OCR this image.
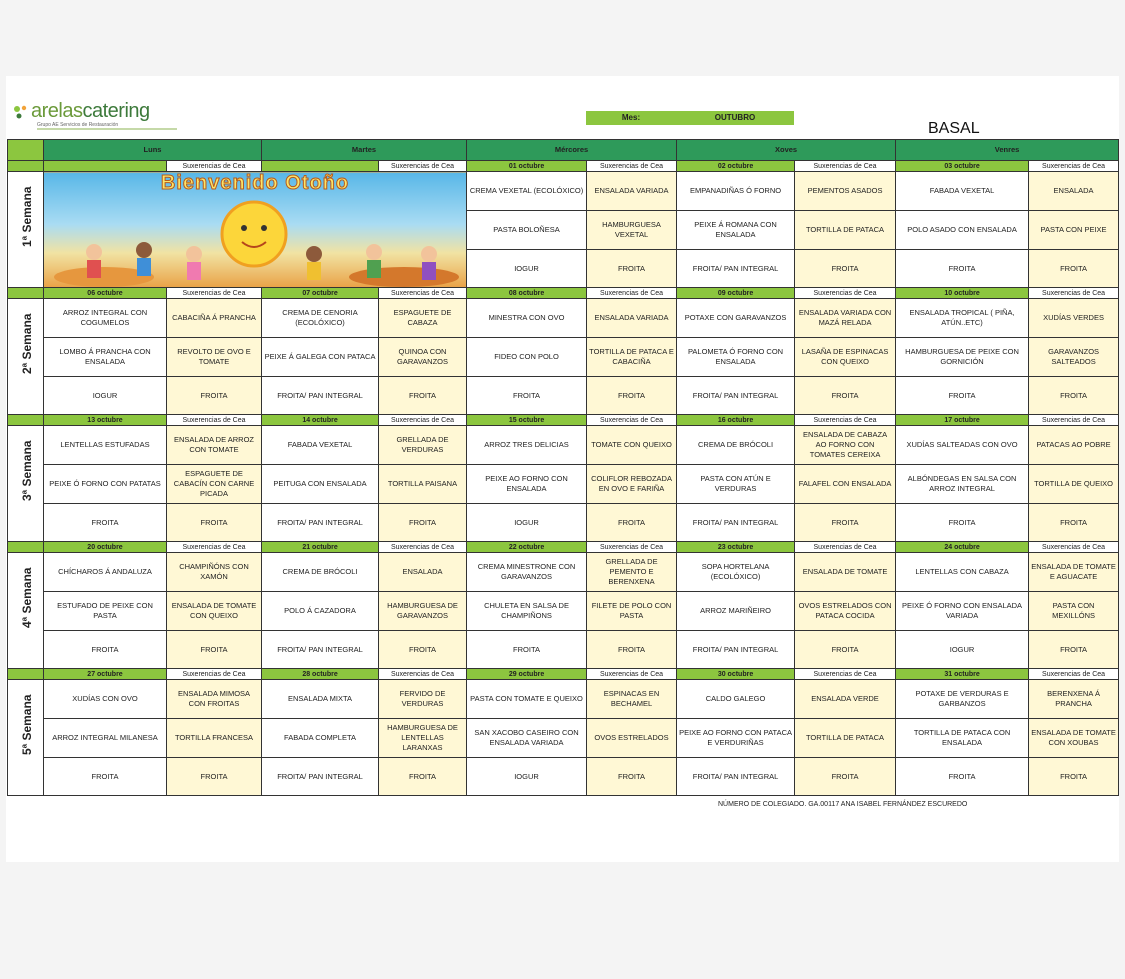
arelascatering
Grupo AE Servicios de Restauración
Mes:	OUTUBRO
BASAL
	Luns		Martes		Mércores		Xoves		Venres	
		Suxerencias de Cea		Suxerencias de Cea	01 octubre	Suxerencias de Cea	02 octubre	Suxerencias de Cea	03 octubre	Suxerencias de Cea

1ª Semana	Bienvenido Otoño				CREMA VEXETAL (ECOLÓXICO)	ENSALADA VARIADA	EMPANADIÑAS Ó FORNO	PEMENTOS ASADOS	FABADA VEXETAL	ENSALADA
					PASTA BOLOÑESA	HAMBURGUESA VEXETAL	PEIXE Á ROMANA CON ENSALADA	TORTILLA DE PATACA	POLO ASADO CON ENSALADA	PASTA CON PEIXE
					IOGUR	FROITA	FROITA/ PAN INTEGRAL	FROITA	FROITA	FROITA
	06 octubre	Suxerencias de Cea	07 octubre	Suxerencias de Cea	08 octubre	Suxerencias de Cea	09 octubre	Suxerencias de Cea	10 octubre	Suxerencias de Cea

2ª Semana	ARROZ INTEGRAL CON COGUMELOS	CABACIÑA Á PRANCHA	CREMA DE CENORIA (ECOLÓXICO)	ESPAGUETE DE CABAZA	MINESTRA CON OVO	ENSALADA VARIADA	POTAXE CON GARAVANZOS	ENSALADA VARIADA CON MAZÁ RELADA	ENSALADA TROPICAL ( PIÑA, ATÚN..ETC)	XUDÍAS VERDES
	LOMBO Á PRANCHA CON ENSALADA	REVOLTO DE OVO E TOMATE	PEIXE Á GALEGA CON PATACA	QUINOA CON GARAVANZOS	FIDEO CON POLO	TORTILLA DE PATACA E CABACIÑA	PALOMETA Ó FORNO CON ENSALADA	LASAÑA DE ESPINACAS CON QUEIXO	HAMBURGUESA DE PEIXE CON GORNICIÓN	GARAVANZOS SALTEADOS
	IOGUR	FROITA	FROITA/ PAN INTEGRAL	FROITA	FROITA	FROITA	FROITA/ PAN INTEGRAL	FROITA	FROITA	FROITA
	13 octubre	Suxerencias de Cea	14 octubre	Suxerencias de Cea	15 octubre	Suxerencias de Cea	16 octubre	Suxerencias de Cea	17 octubre	Suxerencias de Cea

3ª Semana	LENTELLAS ESTUFADAS	ENSALADA DE ARROZ CON TOMATE	FABADA VEXETAL	GRELLADA DE VERDURAS	ARROZ TRES DELICIAS	TOMATE CON QUEIXO	CREMA DE BRÓCOLI	ENSALADA DE CABAZA AO FORNO CON TOMATES CEREIXA	XUDÍAS SALTEADAS CON OVO	PATACAS AO POBRE
	PEIXE Ó FORNO CON PATATAS	ESPAGUETE DE CABACÍN CON CARNE PICADA	PEITUGA CON ENSALADA	TORTILLA PAISANA	PEIXE AO FORNO CON ENSALADA	COLIFLOR REBOZADA EN OVO E FARIÑA	PASTA CON ATÚN E VERDURAS	FALAFEL CON ENSALADA	ALBÓNDEGAS EN SALSA CON ARROZ INTEGRAL	TORTILLA DE QUEIXO
	FROITA	FROITA	FROITA/ PAN INTEGRAL	FROITA	IOGUR	FROITA	FROITA/ PAN INTEGRAL	FROITA	FROITA	FROITA
	20 octubre	Suxerencias de Cea	21 octubre	Suxerencias de Cea	22 octubre	Suxerencias de Cea	23 octubre	Suxerencias de Cea	24 octubre	Suxerencias de Cea

4ª Semana	CHÍCHAROS Á ANDALUZA	CHAMPIÑÓNS CON XAMÓN	CREMA DE BRÓCOLI	ENSALADA	CREMA MINESTRONE CON GARAVANZOS	GRELLADA DE PEMENTO E BERENXENA	SOPA HORTELANA (ECOLÓXICO)	ENSALADA DE TOMATE	LENTELLAS CON CABAZA	ENSALADA DE TOMATE E AGUACATE
	ESTUFADO DE PEIXE CON PASTA	ENSALADA DE TOMATE CON QUEIXO	POLO Á CAZADORA	HAMBURGUESA DE GARAVANZOS	CHULETA EN SALSA DE CHAMPIÑONS	FILETE DE POLO CON PASTA	ARROZ MARIÑEIRO	OVOS ESTRELADOS CON PATACA COCIDA	PEIXE Ó FORNO CON ENSALADA VARIADA	PASTA CON MEXILLÓNS
	FROITA	FROITA	FROITA/ PAN INTEGRAL	FROITA	FROITA	FROITA	FROITA/ PAN INTEGRAL	FROITA	IOGUR	FROITA
	27 octubre	Suxerencias de Cea	28 octubre	Suxerencias de Cea	29 octubre	Suxerencias de Cea	30 octubre	Suxerencias de Cea	31 octubre	Suxerencias de Cea

5ª Semana	XUDÍAS CON OVO	ENSALADA MIMOSA CON FROITAS	ENSALADA MIXTA	FERVIDO DE VERDURAS	PASTA CON TOMATE E QUEIXO	ESPINACAS EN BECHAMEL	CALDO GALEGO	ENSALADA VERDE	POTAXE DE VERDURAS E GARBANZOS	BERENXENA Á PRANCHA
	ARROZ INTEGRAL MILANESA	TORTILLA FRANCESA	FABADA COMPLETA	HAMBURGUESA DE LENTELLAS LARANXAS	SAN XACOBO CASEIRO CON ENSALADA VARIADA	OVOS ESTRELADOS	PEIXE AO FORNO CON PATACA E VERDURIÑAS	TORTILLA DE PATACA	TORTILLA DE PATACA CON ENSALADA	ENSALADA DE TOMATE CON XOUBAS
	FROITA	FROITA	FROITA/ PAN INTEGRAL	FROITA	IOGUR	FROITA	FROITA/ PAN INTEGRAL	FROITA	FROITA	FROITA
NÚMERO DE COLEGIADO. GA.00117 ANA ISABEL FERNÁNDEZ ESCUREDO
